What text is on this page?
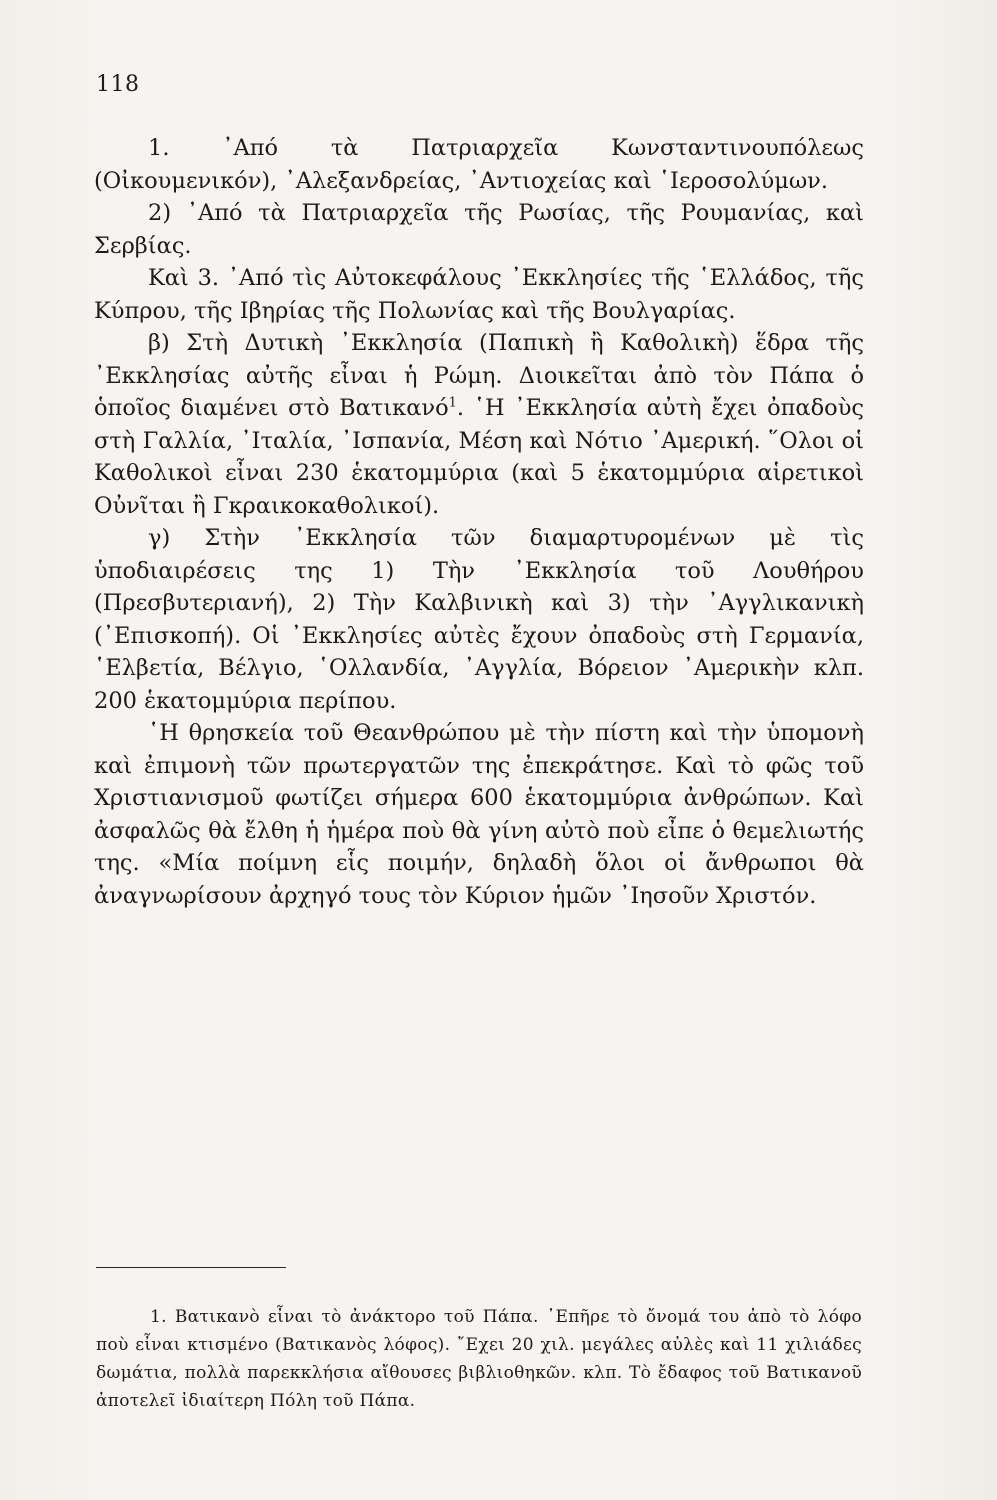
118

1. ᾿Από τὰ Πατριαρχεῖα Κωνσταντινουπόλεως (Οἰκουμενικόν), ᾿Αλεξανδρείας, ᾿Αντιοχείας καὶ ῾Ιεροσολύμων.

2) ᾿Από τὰ Πατριαρχεῖα τῆς Ρωσίας, τῆς Ρουμανίας, καὶ Σερβίας.

Καὶ 3. ᾿Από τὶς Αὐτοκεφάλους ᾿Εκκλησίες τῆς ῾Ελλάδος, τῆς Κύπρου, τῆς Ιβηρίας τῆς Πολωνίας καὶ τῆς Βουλγαρίας.

β) Στὴ Δυτικὴ ᾿Εκκλησία (Παπικὴ ἢ Καθολικὴ) ἕδρα τῆς ᾿Εκκλησίας αὐτῆς εἶναι ἡ Ρώμη. Διοικεῖται ἀπὸ τὸν Πάπα ὁ ὁποῖος διαμένει στὸ Βατικανό$^1$. ῾Η ᾿Εκκλησία αὐτὴ ἔχει ὀπαδοὺς στὴ Γαλλία, ᾿Ιταλία, ᾿Ισπανία, Μέση καὶ Νότιο ᾿Αμερική. ῞Ολοι οἱ Καθολικοὶ εἶναι 230 ἑκατομμύρια (καὶ 5 ἑκατομμύρια αἱρετικοὶ Οὐνῖται ἢ Γκραικοκαθολικοί).

γ) Στὴν ᾿Εκκλησία τῶν διαμαρτυρομένων μὲ τὶς ὑποδιαιρέσεις της 1) Τὴν ᾿Εκκλησία τοῦ Λουθήρου (Πρεσβυτεριανή), 2) Τὴν Καλβινικὴ καὶ 3) τὴν ᾿Αγγλικανικὴ (᾿Επισκοπή). Οἱ ᾿Εκκλησίες αὐτὲς ἔχουν ὀπαδοὺς στὴ Γερμανία, ῾Ελβετία, Βέλγιο, ῾Ολλανδία, ᾿Αγγλία, Βόρειον ᾿Αμερικὴν κλπ. 200 ἑκατομμύρια περίπου.

῾Η θρησκεία τοῦ Θεανθρώπου μὲ τὴν πίστη καὶ τὴν ὑπομονὴ καὶ ἐπιμονὴ τῶν πρωτεργατῶν της ἐπεκράτησε. Καὶ τὸ φῶς τοῦ Χριστιανισμοῦ φωτίζει σήμερα 600 ἑκατομμύρια ἀνθρώπων. Καὶ ἀσφαλῶς θὰ ἔλθη ἡ ἡμέρα ποὺ θὰ γίνη αὐτὸ ποὺ εἶπε ὁ θεμελιωτής της. «Μία ποίμνη εἷς ποιμήν, δηλαδὴ ὅλοι οἱ ἄνθρωποι θὰ ἀναγνωρίσουν ἀρχηγό τους τὸν Κύριον ἡμῶν ᾿Ιησοῦν Χριστόν.

1. Βατικανὸ εἶναι τὸ ἀνάκτορο τοῦ Πάπα. ᾿Επῆρε τὸ ὄνομά του ἀπὸ τὸ λόφο ποὺ εἶναι κτισμένο (Βατικανὸς λόφος). ῎Εχει 20 χιλ. μεγάλες αὐλὲς καὶ 11 χιλιάδες δωμάτια, πολλὰ παρεκκλήσια αἴθουσες βιβλιοθηκῶν. κλπ. Τὸ ἔδαφος τοῦ Βατικανοῦ ἀποτελεῖ ἰδιαίτερη Πόλη τοῦ Πάπα.
